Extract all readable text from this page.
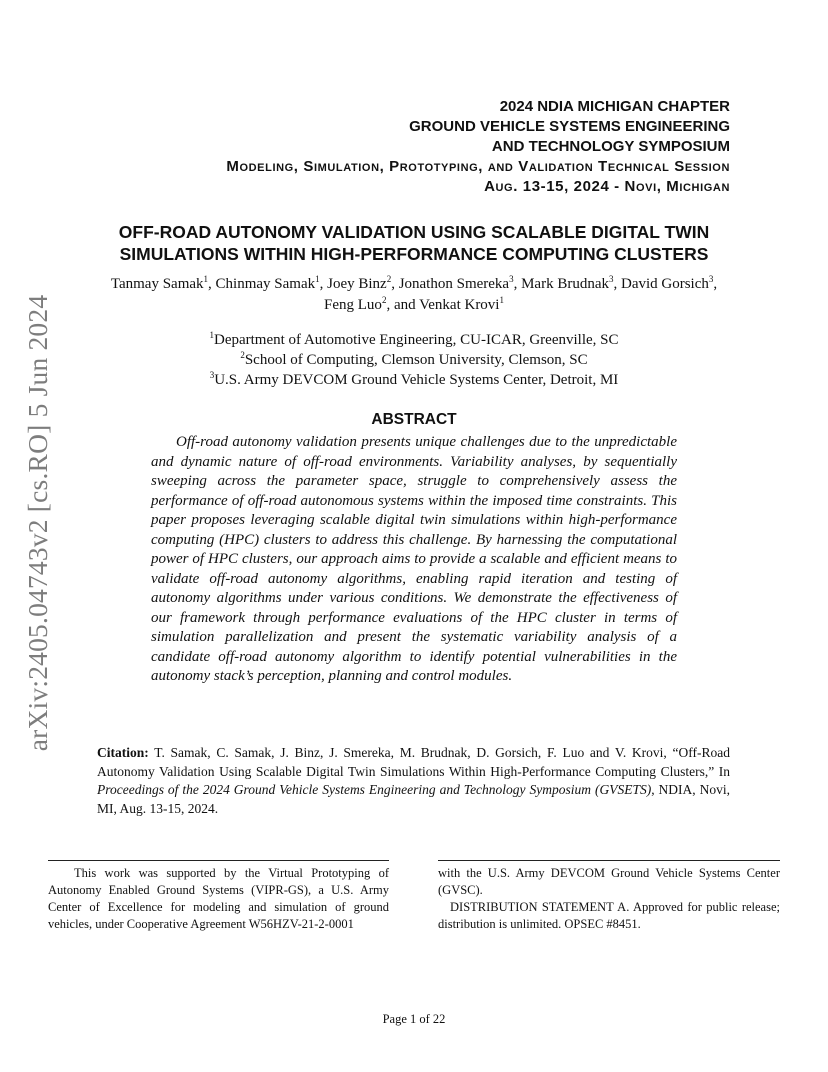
arXiv:2405.04743v2 [cs.RO] 5 Jun 2024
2024 NDIA MICHIGAN CHAPTER
GROUND VEHICLE SYSTEMS ENGINEERING
AND TECHNOLOGY SYMPOSIUM
Modeling, Simulation, Prototyping, and Validation Technical Session
Aug. 13-15, 2024 - Novi, Michigan
OFF-ROAD AUTONOMY VALIDATION USING SCALABLE DIGITAL TWIN
SIMULATIONS WITHIN HIGH-PERFORMANCE COMPUTING CLUSTERS
Tanmay Samak$^1$, Chinmay Samak$^1$, Joey Binz$^2$, Jonathon Smereka$^3$, Mark Brudnak$^3$, David Gorsich$^3$, Feng Luo$^2$, and Venkat Krovi$^1$
$^1$Department of Automotive Engineering, CU-ICAR, Greenville, SC
$^2$School of Computing, Clemson University, Clemson, SC
$^3$U.S. Army DEVCOM Ground Vehicle Systems Center, Detroit, MI
ABSTRACT
Off-road autonomy validation presents unique challenges due to the unpredictable and dynamic nature of off-road environments. Variability analyses, by sequentially sweeping across the parameter space, struggle to comprehensively assess the performance of off-road autonomous systems within the imposed time constraints. This paper proposes leveraging scalable digital twin simulations within high-performance computing (HPC) clusters to address this challenge. By harnessing the computational power of HPC clusters, our approach aims to provide a scalable and efficient means to validate off-road autonomy algorithms, enabling rapid iteration and testing of autonomy algorithms under various conditions. We demonstrate the effectiveness of our framework through performance evaluations of the HPC cluster in terms of simulation parallelization and present the systematic variability analysis of a candidate off-road autonomy algorithm to identify potential vulnerabilities in the autonomy stack’s perception, planning and control modules.
Citation: T. Samak, C. Samak, J. Binz, J. Smereka, M. Brudnak, D. Gorsich, F. Luo and V. Krovi, “Off-Road Autonomy Validation Using Scalable Digital Twin Simulations Within High-Performance Computing Clusters,” In Proceedings of the 2024 Ground Vehicle Systems Engineering and Technology Symposium (GVSETS), NDIA, Novi, MI, Aug. 13-15, 2024.
This work was supported by the Virtual Prototyping of Autonomy Enabled Ground Systems (VIPR-GS), a U.S. Army Center of Excellence for modeling and simulation of ground vehicles, under Cooperative Agreement W56HZV-21-2-0001

with the U.S. Army DEVCOM Ground Vehicle Systems Center (GVSC).

DISTRIBUTION STATEMENT A. Approved for public release; distribution is unlimited. OPSEC #8451.

Page 1 of 22
